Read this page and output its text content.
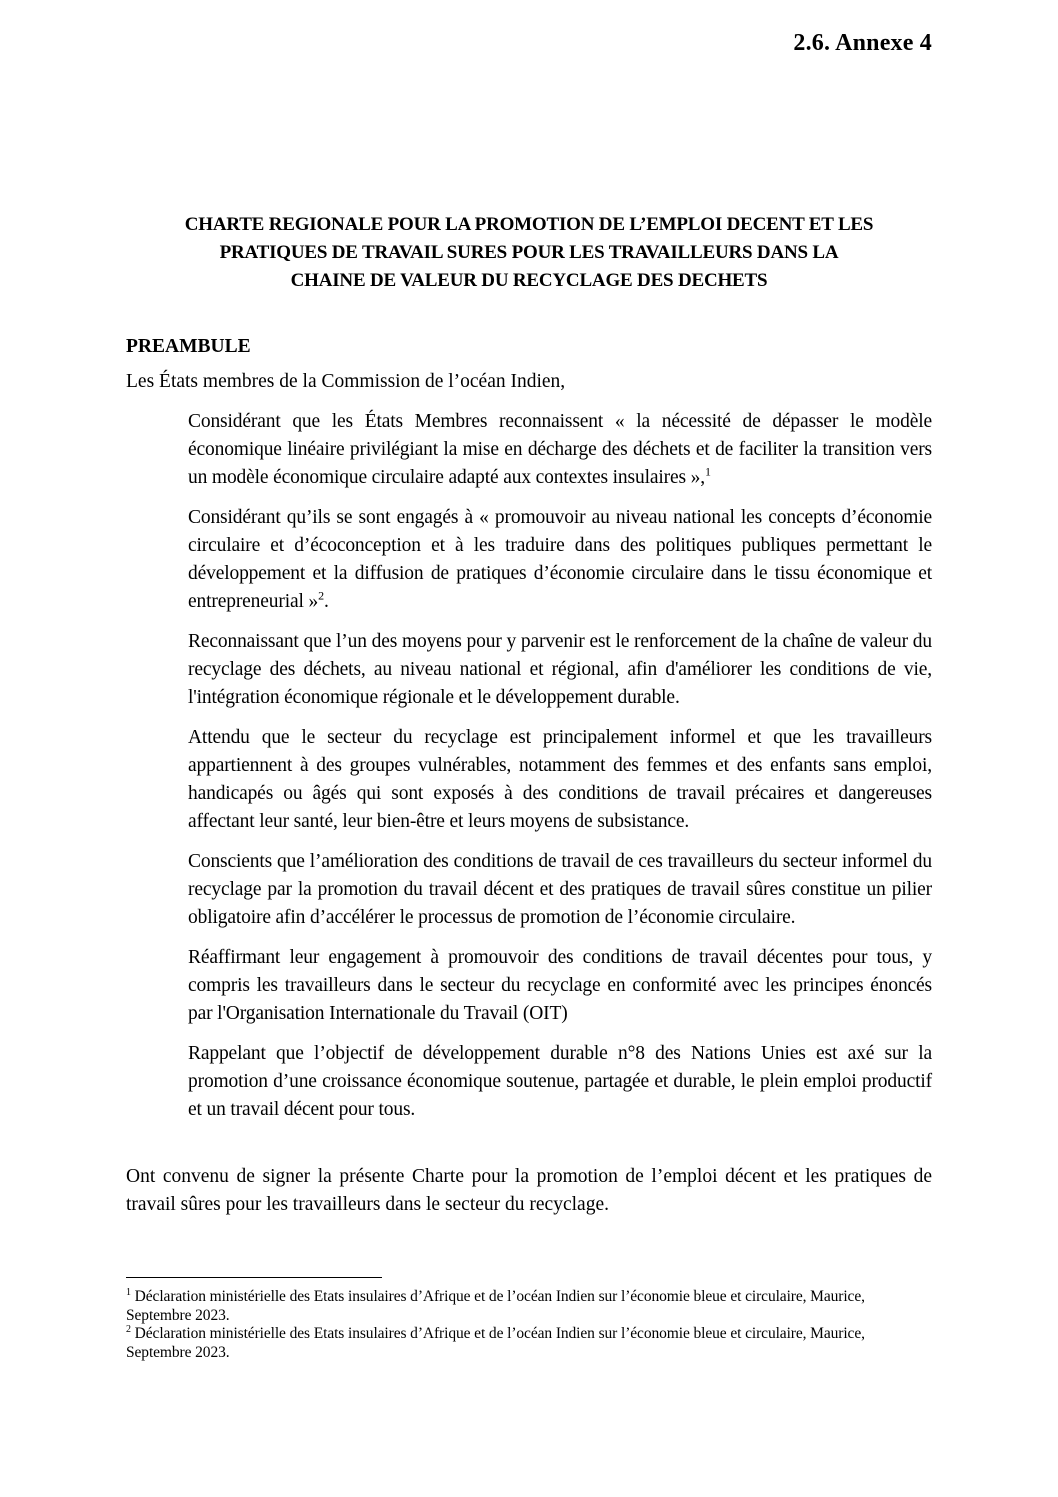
2.6. Annexe 4
CHARTE REGIONALE POUR LA PROMOTION DE L’EMPLOI DECENT ET LES
PRATIQUES DE TRAVAIL SURES POUR LES TRAVAILLEURS DANS LA
CHAINE DE VALEUR DU RECYCLAGE DES DECHETS
PREAMBULE
Les États membres de la Commission de l’océan Indien,

Considérant que les États Membres reconnaissent « la nécessité de dépasser le modèle économique linéaire privilégiant la mise en décharge des déchets et de faciliter la transition vers un modèle économique circulaire adapté aux contextes insulaires »,$^1$

Considérant qu’ils se sont engagés à « promouvoir au niveau national les concepts d’économie circulaire et d’écoconception et à les traduire dans des politiques publiques permettant le développement et la diffusion de pratiques d’économie circulaire dans le tissu économique et entrepreneurial »$^2$.

Reconnaissant que l’un des moyens pour y parvenir est le renforcement de la chaîne de valeur du recyclage des déchets, au niveau national et régional, afin d'améliorer les conditions de vie, l'intégration économique régionale et le développement durable.

Attendu que le secteur du recyclage est principalement informel et que les travailleurs appartiennent à des groupes vulnérables, notamment des femmes et des enfants sans emploi, handicapés ou âgés qui sont exposés à des conditions de travail précaires et dangereuses affectant leur santé, leur bien-être et leurs moyens de subsistance.

Conscients que l’amélioration des conditions de travail de ces travailleurs du secteur informel du recyclage par la promotion du travail décent et des pratiques de travail sûres constitue un pilier obligatoire afin d’accélérer le processus de promotion de l’économie circulaire.

Réaffirmant leur engagement à promouvoir des conditions de travail décentes pour tous, y compris les travailleurs dans le secteur du recyclage en conformité avec les principes énoncés par l'Organisation Internationale du Travail (OIT)

Rappelant que l’objectif de développement durable n°8 des Nations Unies est axé sur la promotion d’une croissance économique soutenue, partagée et durable, le plein emploi productif et un travail décent pour tous.

Ont convenu de signer la présente Charte pour la promotion de l’emploi décent et les pratiques de travail sûres pour les travailleurs dans le secteur du recyclage.
$^1$ Déclaration ministérielle des Etats insulaires d’Afrique et de l’océan Indien sur l’économie bleue et circulaire, Maurice, Septembre 2023.
$^2$ Déclaration ministérielle des Etats insulaires d’Afrique et de l’océan Indien sur l’économie bleue et circulaire, Maurice, Septembre 2023.
